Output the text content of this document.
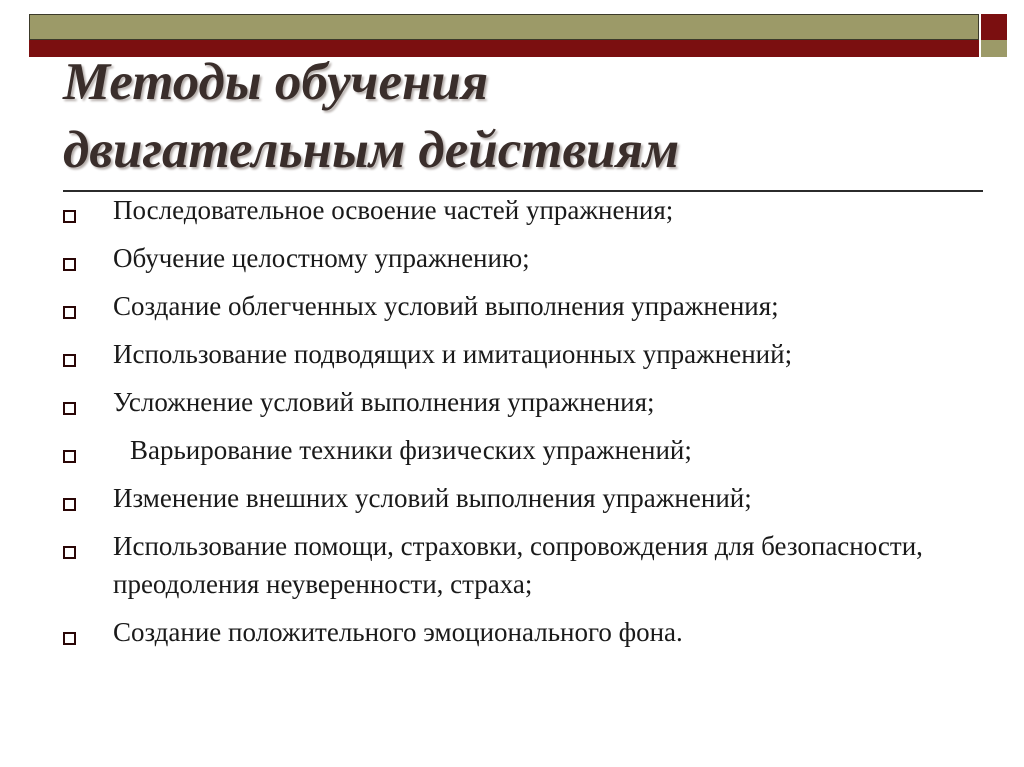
Методы обучения
двигательным действиям
Последовательное освоение частей упражнения;
Обучение целостному упражнению;
Создание облегченных условий выполнения упражнения;
Использование подводящих и имитационных упражнений;
Усложнение условий выполнения упражнения;
Варьирование техники физических упражнений;
Изменение внешних условий выполнения упражнений;
Использование помощи, страховки, сопровождения для безопасности, преодоления неуверенности, страха;
Создание положительного эмоционального фона.
